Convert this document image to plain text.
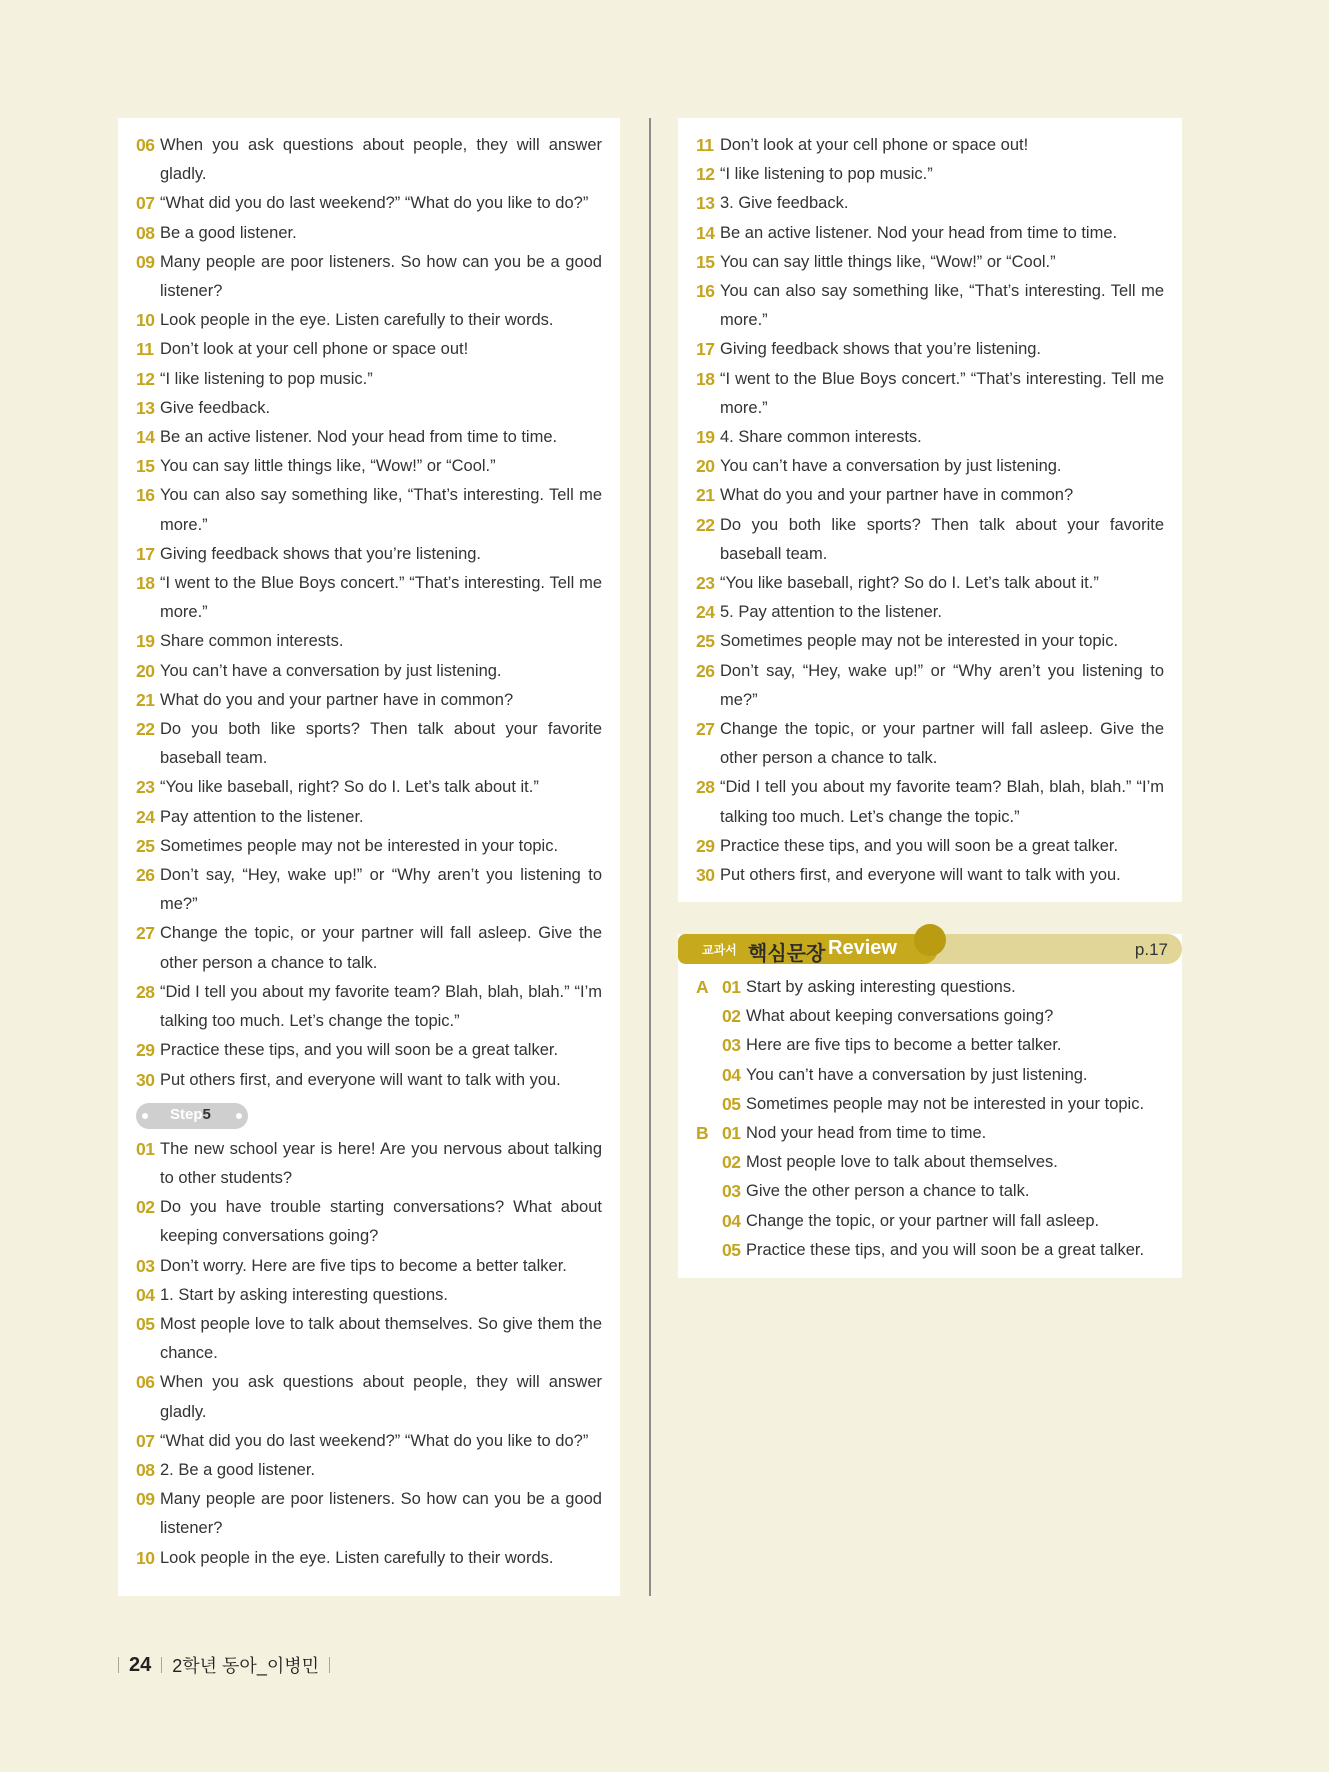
06 When you ask questions about people, they will answer gladly.
07 “What did you do last weekend?” “What do you like to do?”
08 Be a good listener.
09 Many people are poor listeners. So how can you be a good listener?
10 Look people in the eye. Listen carefully to their words.
11 Don’t look at your cell phone or space out!
12 “I like listening to pop music.”
13 Give feedback.
14 Be an active listener. Nod your head from time to time.
15 You can say little things like, “Wow!” or “Cool.”
16 You can also say something like, “That’s interesting. Tell me more.”
17 Giving feedback shows that you’re listening.
18 “I went to the Blue Boys concert.” “That’s interesting. Tell me more.”
19 Share common interests.
20 You can’t have a conversation by just listening.
21 What do you and your partner have in common?
22 Do you both like sports? Then talk about your favorite baseball team.
23 “You like baseball, right? So do I. Let’s talk about it.”
24 Pay attention to the listener.
25 Sometimes people may not be interested in your topic.
26 Don’t say, “Hey, wake up!” or “Why aren’t you listening to me?”
27 Change the topic, or your partner will fall asleep. Give the other person a chance to talk.
28 “Did I tell you about my favorite team? Blah, blah, blah.” “I’m talking too much. Let’s change the topic.”
29 Practice these tips, and you will soon be a great talker.
30 Put others first, and everyone will want to talk with you.
Step5
01 The new school year is here! Are you nervous about talking to other students?
02 Do you have trouble starting conversations? What about keeping conversations going?
03 Don’t worry. Here are five tips to become a better talker.
04 1. Start by asking interesting questions.
05 Most people love to talk about themselves. So give them the chance.
06 When you ask questions about people, they will answer gladly.
07 “What did you do last weekend?” “What do you like to do?”
08 2. Be a good listener.
09 Many people are poor listeners. So how can you be a good listener?
10 Look people in the eye. Listen carefully to their words.
11 Don’t look at your cell phone or space out!
12 “I like listening to pop music.”
13 3. Give feedback.
14 Be an active listener. Nod your head from time to time.
15 You can say little things like, “Wow!” or “Cool.”
16 You can also say something like, “That’s interesting. Tell me more.”
17 Giving feedback shows that you’re listening.
18 “I went to the Blue Boys concert.” “That’s interesting. Tell me more.”
19 4. Share common interests.
20 You can’t have a conversation by just listening.
21 What do you and your partner have in common?
22 Do you both like sports? Then talk about your favorite baseball team.
23 “You like baseball, right? So do I. Let’s talk about it.”
24 5. Pay attention to the listener.
25 Sometimes people may not be interested in your topic.
26 Don’t say, “Hey, wake up!” or “Why aren’t you listening to me?”
27 Change the topic, or your partner will fall asleep. Give the other person a chance to talk.
28 “Did I tell you about my favorite team? Blah, blah, blah.” “I’m talking too much. Let’s change the topic.”
29 Practice these tips, and you will soon be a great talker.
30 Put others first, and everyone will want to talk with you.
A 01 Start by asking interesting questions.
02 What about keeping conversations going?
03 Here are five tips to become a better talker.
04 You can’t have a conversation by just listening.
05 Sometimes people may not be interested in your topic.
B 01 Nod your head from time to time.
02 Most people love to talk about themselves.
03 Give the other person a chance to talk.
04 Change the topic, or your partner will fall asleep.
05 Practice these tips, and you will soon be a great talker.
교과서 핵심문장 Review	p.17
24 2학년 동아_이병민
